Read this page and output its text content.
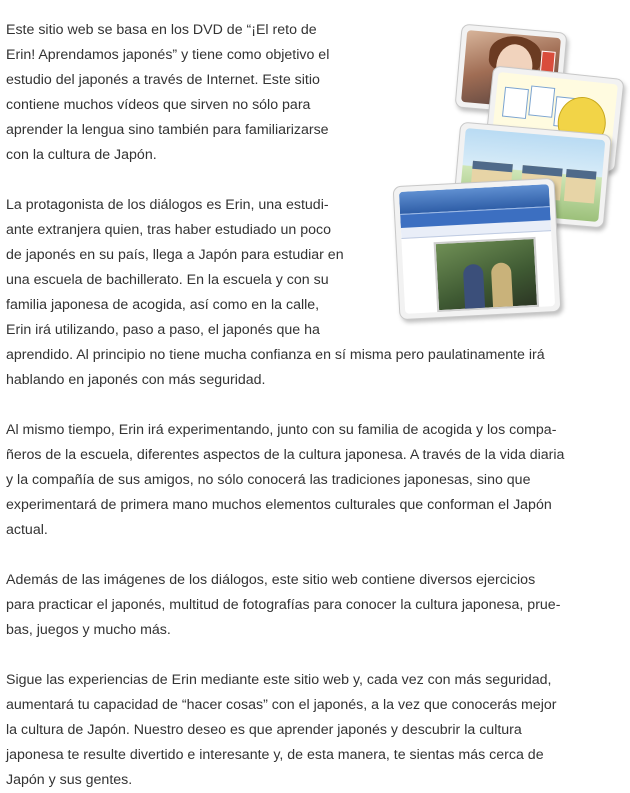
Este sitio web se basa en los DVD de “¡El reto de
Erin! Aprendamos japonés” y tiene como objetivo el
estudio del japonés a través de Internet. Este sitio
contiene muchos vídeos que sirven no sólo para
aprender la lengua sino también para familiarizarse
con la cultura de Japón.

La protagonista de los diálogos es Erin, una estudi-
ante extranjera quien, tras haber estudiado un poco
de japonés en su país, llega a Japón para estudiar en
una escuela de bachillerato. En la escuela y con su
familia japonesa de acogida, así como en la calle,
Erin irá utilizando, paso a paso, el japonés que ha
aprendido. Al principio no tiene mucha confianza en sí misma pero paulatinamente irá
hablando en japonés con más seguridad.

Al mismo tiempo, Erin irá experimentando, junto con su familia de acogida y los compa-
ñeros de la escuela, diferentes aspectos de la cultura japonesa. A través de la vida diaria
y la compañía de sus amigos, no sólo conocerá las tradiciones japonesas, sino que
experimentará de primera mano muchos elementos culturales que conforman el Japón
actual.

Además de las imágenes de los diálogos, este sitio web contiene diversos ejercicios
para practicar el japonés, multitud de fotografías para conocer la cultura japonesa, prue-
bas, juegos y mucho más.

Sigue las experiencias de Erin mediante este sitio web y, cada vez con más seguridad,
aumentará tu capacidad de “hacer cosas” con el japonés, a la vez que conocerás mejor
la cultura de Japón. Nuestro deseo es que aprender japonés y descubrir la cultura
japonesa te resulte divertido e interesante y, de esta manera, te sientas más cerca de
Japón y sus gentes.
